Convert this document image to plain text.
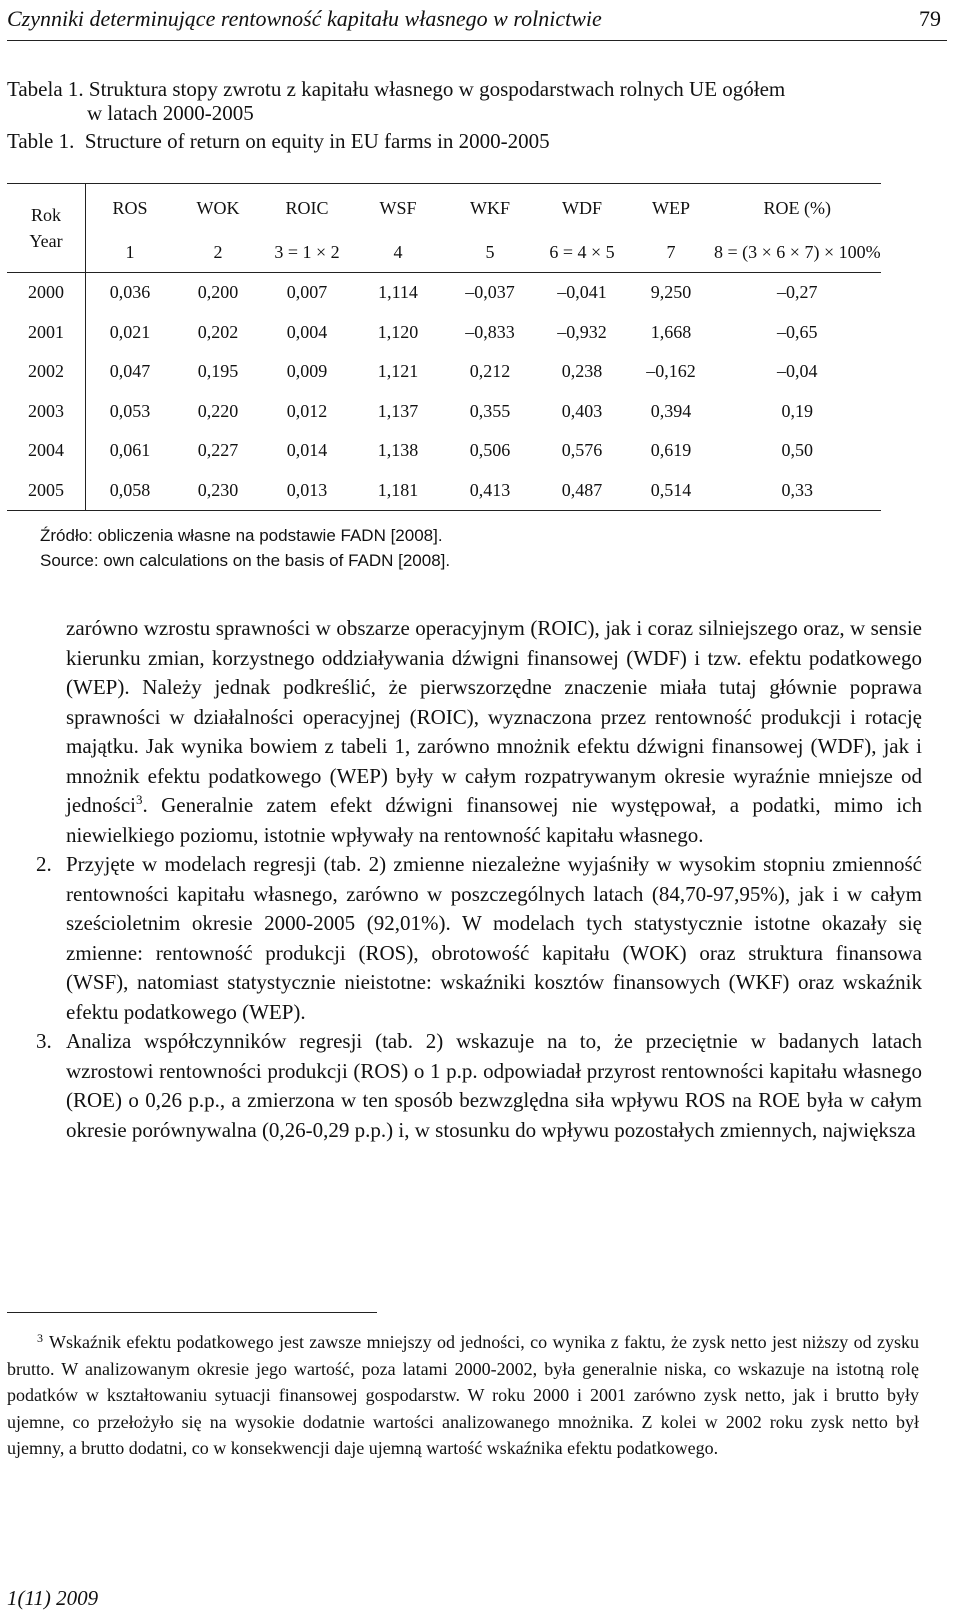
Czynniki determinujące rentowność kapitału własnego w rolnictwie	79
Tabela 1. Struktura stopy zwrotu z kapitału własnego w gospodarstwach rolnych UE ogółem
w latach 2000-2005
Table 1.  Structure of return on equity in EU farms in 2000-2005
Rok
Year	ROS	WOK	ROIC	WSF	WKF	WDF	WEP	ROE (%)
	1	2	3 = 1 × 2	4	5	6 = 4 × 5	7	8 = (3 × 6 × 7) × 100%
2000	0,036	0,200	0,007	1,114	–0,037	–0,041	9,250	–0,27
2001	0,021	0,202	0,004	1,120	–0,833	–0,932	1,668	–0,65
2002	0,047	0,195	0,009	1,121	0,212	0,238	–0,162	–0,04
2003	0,053	0,220	0,012	1,137	0,355	0,403	0,394	0,19
2004	0,061	0,227	0,014	1,138	0,506	0,576	0,619	0,50
2005	0,058	0,230	0,013	1,181	0,413	0,487	0,514	0,33
Źródło: obliczenia własne na podstawie FADN [2008].
Source: own calculations on the basis of FADN [2008].

zarówno wzrostu sprawności w obszarze operacyjnym (ROIC), jak i coraz silniejszego oraz, w sensie kierunku zmian, korzystnego oddziaływania dźwigni finansowej (WDF) i tzw. efektu podatkowego (WEP). Należy jednak podkreślić, że pierwszorzędne znaczenie miała tutaj głównie poprawa sprawności w działalności operacyjnej (ROIC), wyznaczona przez rentowność produkcji i rotację majątku. Jak wynika bowiem z tabeli 1, zarówno mnożnik efektu dźwigni finansowej (WDF), jak i mnożnik efektu podatkowego (WEP) były w całym rozpatrywanym okresie wyraźnie mniejsze od jedności$^3$. Generalnie zatem efekt dźwigni finansowej nie występował, a podatki, mimo ich niewielkiego poziomu, istotnie wpływały na rentowność kapitału własnego.

2. Przyjęte w modelach regresji (tab. 2) zmienne niezależne wyjaśniły w wysokim stopniu zmienność rentowności kapitału własnego, zarówno w poszczególnych latach (84,70-97,95%), jak i w całym sześcioletnim okresie 2000-2005 (92,01%). W modelach tych statystycznie istotne okazały się zmienne: rentowność produkcji (ROS), obrotowość kapitału (WOK) oraz struktura finansowa (WSF), natomiast statystycznie nieistotne: wskaźniki kosztów finansowych (WKF) oraz wskaźnik efektu podatkowego (WEP).

3. Analiza współczynników regresji (tab. 2) wskazuje na to, że przeciętnie w badanych latach wzrostowi rentowności produkcji (ROS) o 1 p.p. odpowiadał przyrost rentowności kapitału własnego (ROE) o 0,26 p.p., a zmierzona w ten sposób bezwzględna siła wpływu ROS na ROE była w całym okresie porównywalna (0,26-0,29 p.p.) i, w stosunku do wpływu pozostałych zmiennych, największa

$^3$ Wskaźnik efektu podatkowego jest zawsze mniejszy od jedności, co wynika z faktu, że zysk netto jest niższy od zysku brutto. W analizowanym okresie jego wartość, poza latami 2000-2002, była generalnie niska, co wskazuje na istotną rolę podatków w kształtowaniu sytuacji finansowej gospodarstw. W roku 2000 i 2001 zarówno zysk netto, jak i brutto były ujemne, co przełożyło się na wysokie dodatnie wartości analizowanego mnożnika. Z kolei w 2002 roku zysk netto był ujemny, a brutto dodatni, co w konsekwencji daje ujemną wartość wskaźnika efektu podatkowego.

1(11) 2009
